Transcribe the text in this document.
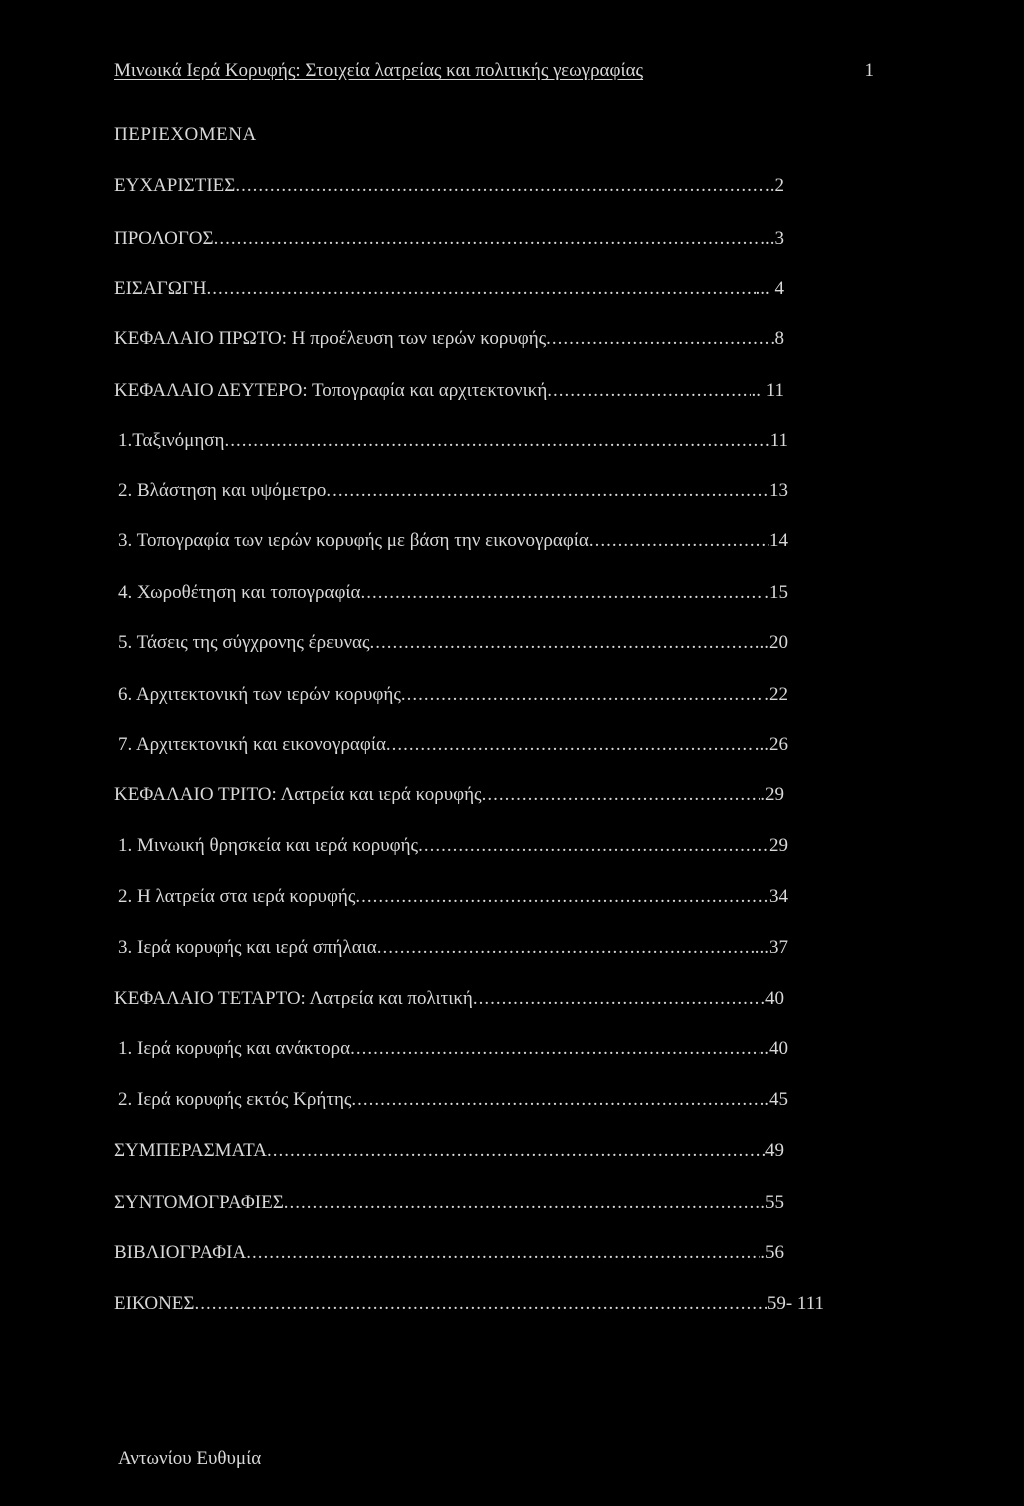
Μινωικά Ιερά Κορυφής: Στοιχεία λατρείας και πολιτικής γεωγραφίας	1
ΠΕΡΙΕΧΟΜΕΝΑ
ΕΥΧΑΡΙΣΤΙΕΣ .....	..2
ΠΡΟΛΟΓΟΣ .....	...3
ΕΙΣΑΓΩΓΗ .....	... 4
ΚΕΦΑΛΑΙΟ ΠΡΩΤΟ: Η προέλευση των ιερών κορυφής .....	8
ΚΕΦΑΛΑΙΟ ΔΕΥΤΕΡΟ: Τοπογραφία και αρχιτεκτονική .....	.. 11
1.Ταξινόμηση .....	11
2. Βλάστηση και υψόμετρο .....	13
3. Τοπογραφία των ιερών κορυφής με βάση την εικονογραφία .....	14
4. Χωροθέτηση και τοπογραφία .....	.15
5. Τάσεις της σύγχρονης έρευνας .....	..20
6. Αρχιτεκτονική των ιερών κορυφής .....	.22
7. Αρχιτεκτονική και εικονογραφία .....	...26
ΚΕΦΑΛΑΙΟ ΤΡΙΤΟ: Λατρεία και ιερά κορυφής .....	.29
1. Μινωική θρησκεία και ιερά κορυφής .....	29
2. Η λατρεία στα ιερά κορυφής .....	34
3. Ιερά κορυφής και ιερά σπήλαια .....	...37
ΚΕΦΑΛΑΙΟ ΤΕΤΑΡΤΟ: Λατρεία και πολιτική .....	40
1. Ιερά κορυφής και ανάκτορα .....	..40
2. Ιερά κορυφής εκτός Κρήτης .....	.45
ΣΥΜΠΕΡΑΣΜΑΤΑ .....	49
ΣΥΝΤΟΜΟΓΡΑΦΙΕΣ .....	.55
ΒΙΒΛΙΟΓΡΑΦΙΑ .....	.56
ΕΙΚΟΝΕΣ .....	59- 111
Αντωνίου Ευθυμία
